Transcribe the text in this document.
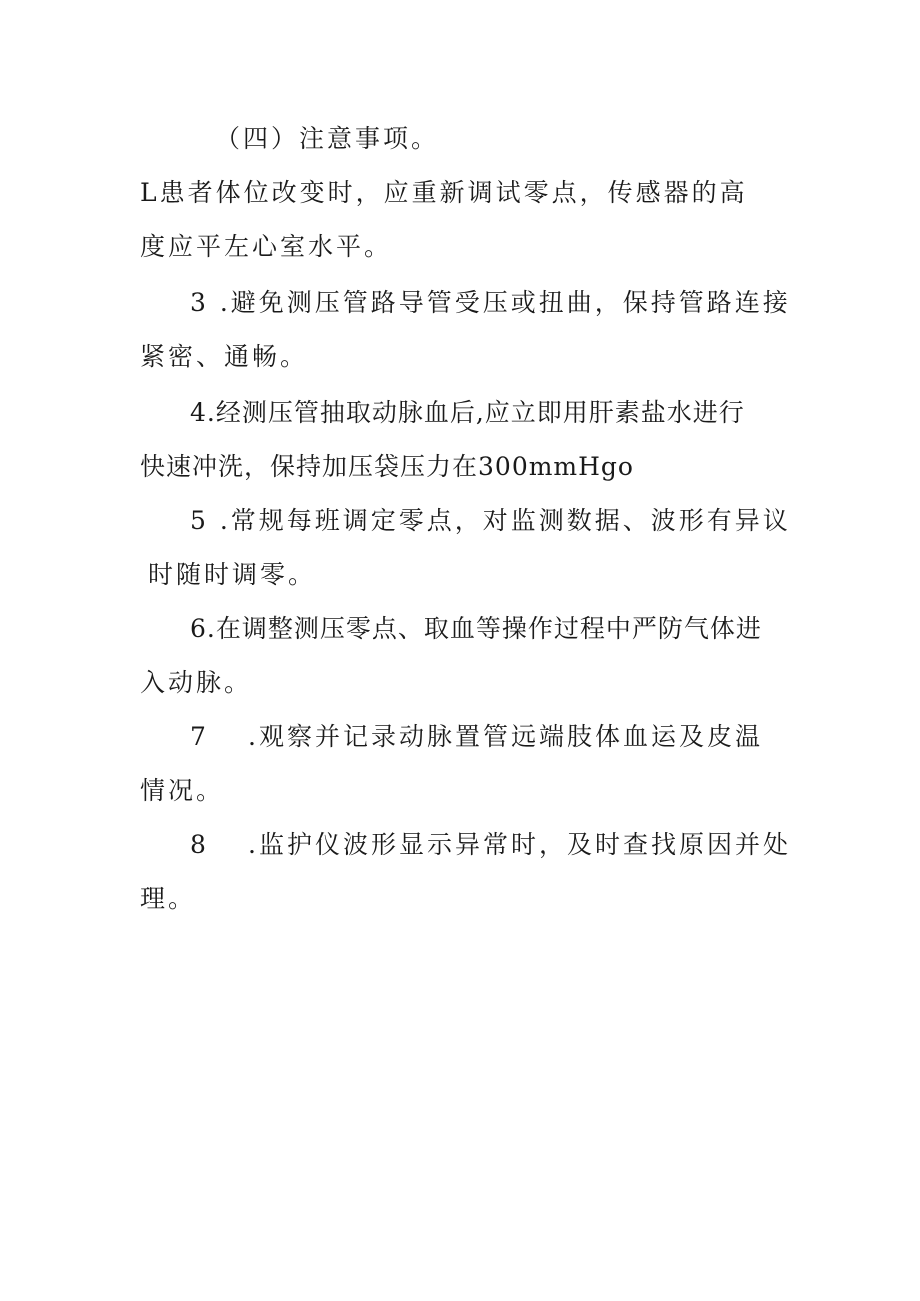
（四）注意事项。
L患者体位改变时，应重新调试零点，传感器的高
度应平左心室水平。
3 .避免测压管路导管受压或扭曲，保持管路连接
紧密、通畅。
4.经测压管抽取动脉血后,应立即用肝素盐水进行
快速冲洗，保持加压袋压力在300mmHgo
5 .常规每班调定零点，对监测数据、波形有异议
时随时调零。
6.在调整测压零点、取血等操作过程中严防气体进
入动脉。
7 .观察并记录动脉置管远端肢体血运及皮温
情况。
8 .监护仪波形显示异常时，及时查找原因并处
理。
